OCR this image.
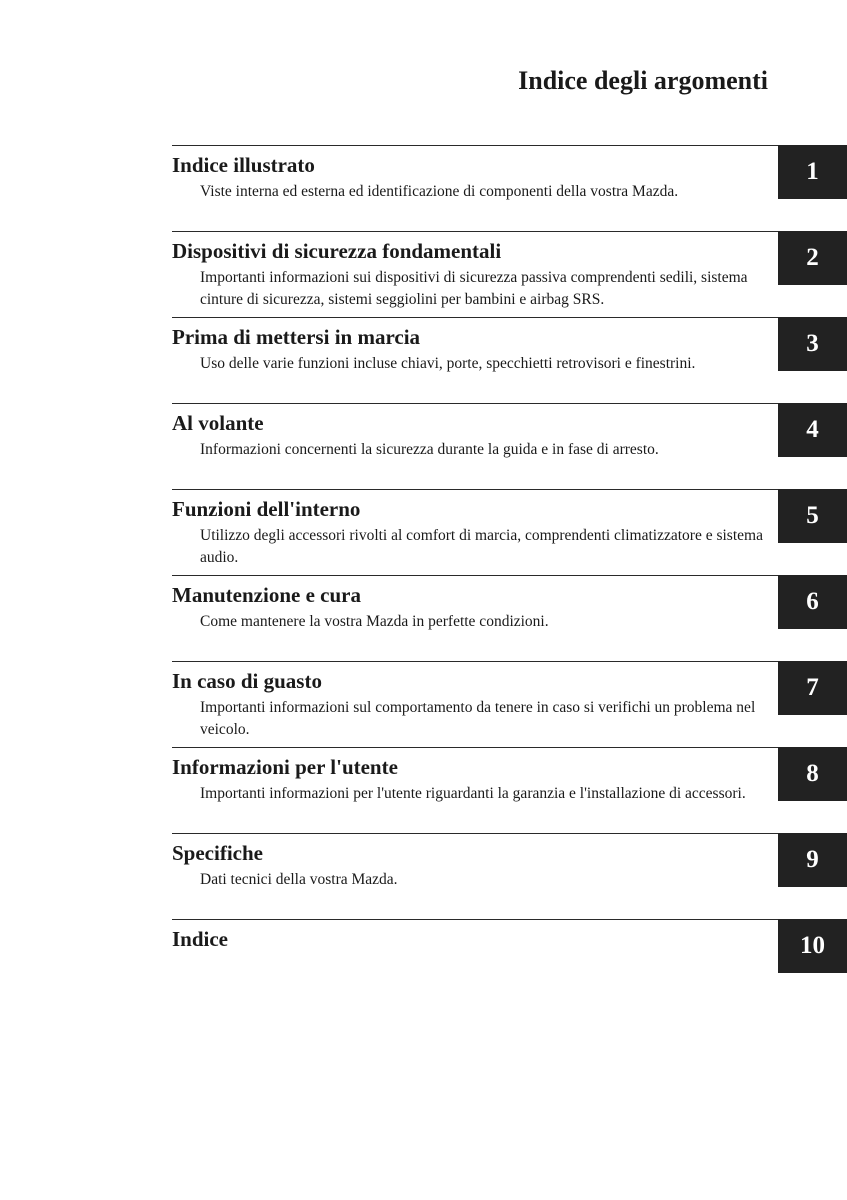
Indice degli argomenti
1
Indice illustrato
Viste interna ed esterna ed identificazione di componenti della vostra Mazda.
2
Dispositivi di sicurezza fondamentali
Importanti informazioni sui dispositivi di sicurezza passiva comprendenti sedili, sistema cinture di sicurezza, sistemi seggiolini per bambini e airbag SRS.
3
Prima di mettersi in marcia
Uso delle varie funzioni incluse chiavi, porte, specchietti retrovisori e finestrini.
4
Al volante
Informazioni concernenti la sicurezza durante la guida e in fase di arresto.
5
Funzioni dell'interno
Utilizzo degli accessori rivolti al comfort di marcia, comprendenti climatizzatore e sistema audio.
6
Manutenzione e cura
Come mantenere la vostra Mazda in perfette condizioni.
7
In caso di guasto
Importanti informazioni sul comportamento da tenere in caso si verifichi un problema nel veicolo.
8
Informazioni per l'utente
Importanti informazioni per l'utente riguardanti la garanzia e l'installazione di accessori.
9
Specifiche
Dati tecnici della vostra Mazda.
10
Indice
